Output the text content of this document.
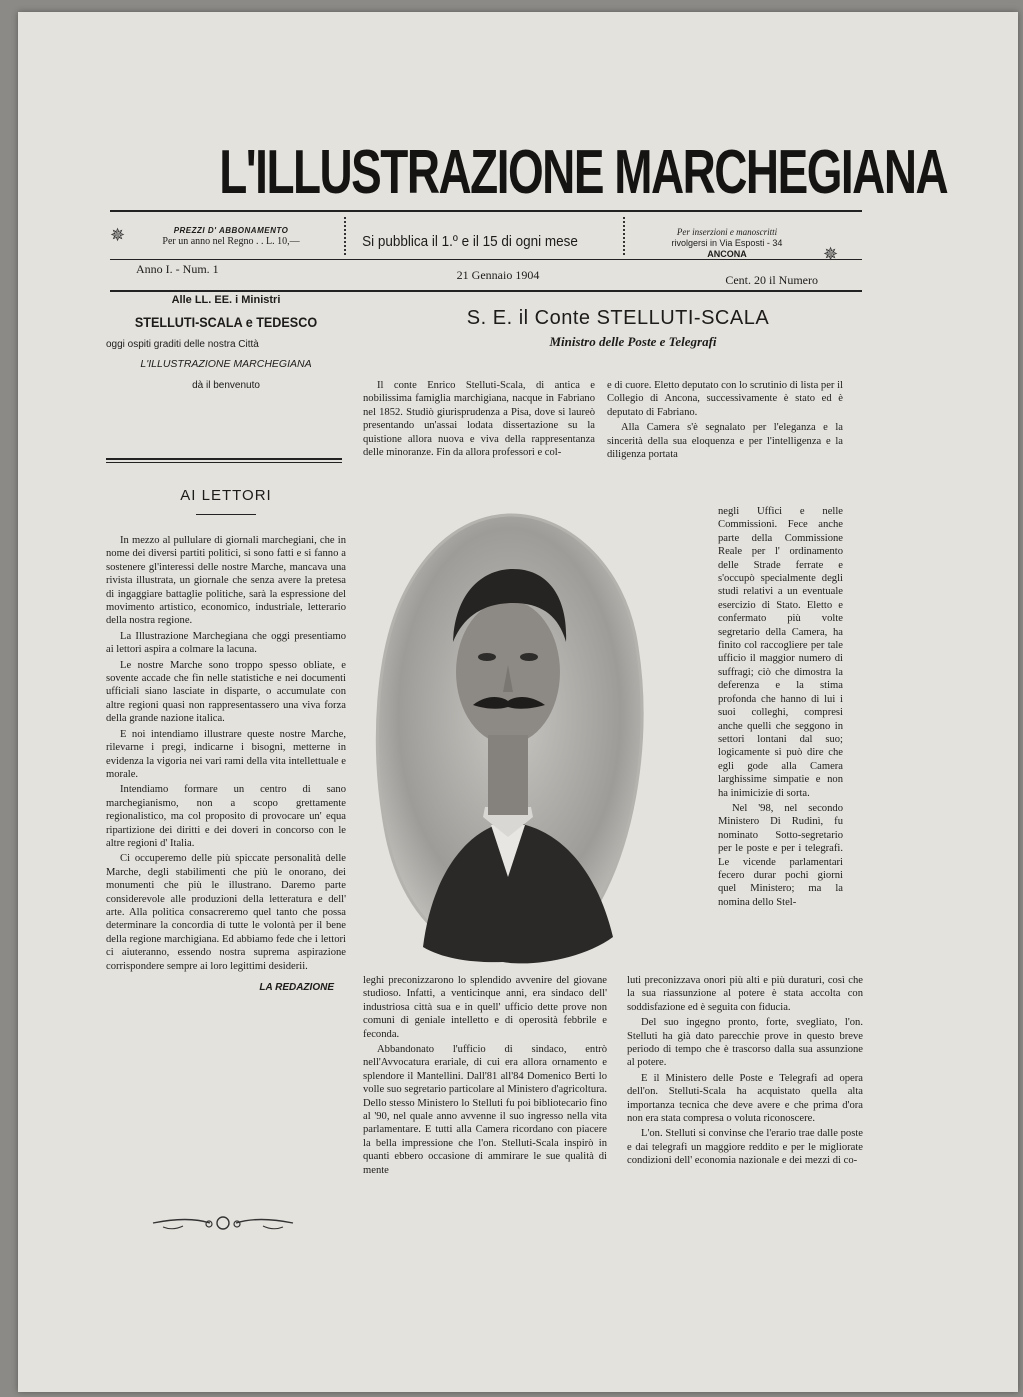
L'ILLUSTRAZIONE MARCHEGIANA
✵
✵
PREZZI D' ABBONAMENTO
Per un anno nel Regno . . L. 10,—	Si pubblica il 1.º e il 15 di ogni mese
Per inserzioni e manoscritti
rivolgersi in Via Esposti - 34
ANCONA
Anno I. - Num. 1	21 Gennaio 1904	Cent. 20 il Numero
Alle LL. EE. i Ministri
STELLUTI-SCALA e TEDESCO
oggi ospiti graditi delle nostra Città
L'ILLUSTRAZIONE MARCHEGIANA
dà il benvenuto
AI LETTORI

In mezzo al pullulare di giornali marchegiani, che in nome dei diversi partiti politici, si sono fatti e si fanno a sostenere gl'interessi delle nostre Marche, mancava una rivista illustrata, un giornale che senza avere la pretesa di ingaggiare battaglie politiche, sarà la espressione del movimento artistico, economico, industriale, letterario della nostra regione.

La Illustrazione Marchegiana che oggi presentiamo ai lettori aspira a colmare la lacuna.

Le nostre Marche sono troppo spesso obliate, e sovente accade che fin nelle statistiche e nei documenti ufficiali siano lasciate in disparte, o accumulate con altre regioni quasi non rappresentassero una viva forza della grande nazione italica.

E noi intendiamo illustrare queste nostre Marche, rilevarne i pregi, indicarne i bisogni, metterne in evidenza la vigoria nei vari rami della vita intellettuale e morale.

Intendiamo formare un centro di sano marchegianismo, non a scopo grettamente regionalistico, ma col proposito di provocare un' equa ripartizione dei diritti e dei doveri in concorso con le altre regioni d' Italia.

Ci occuperemo delle più spiccate personalità delle Marche, degli stabilimenti che più le onorano, dei monumenti che più le illustrano. Daremo parte considerevole alle produzioni della letteratura e dell' arte. Alla politica consacreremo quel tanto che possa determinare la concordia di tutte le volontà per il bene della regione marchigiana. Ed abbiamo fede che i lettori ci aiuteranno, essendo nostra suprema aspirazione corrispondere sempre ai loro legittimi desiderii.

LA REDAZIONE
S. E. il Conte STELLUTI-SCALA
Ministro delle Poste e Telegrafi

Il conte Enrico Stelluti-Scala, di antica e nobilissima famiglia marchigiana, nacque in Fabriano nel 1852. Studiò giurisprudenza a Pisa, dove si laureò presentando un'assai lodata dissertazione su la quistione allora nuova e viva della rappresentanza delle minoranze. Fin da allora professori e col-

e di cuore. Eletto deputato con lo scrutinio di lista per il Collegio di Ancona, successivamente è stato ed è deputato di Fabriano.

Alla Camera s'è segnalato per l'eleganza e la sincerità della sua eloquenza e per l'intelligenza e la diligenza portata

negli Uffici e nelle Commissioni. Fece anche parte della Commissione Reale per l' ordinamento delle Strade ferrate e s'occupò specialmente degli studi relativi a un eventuale esercizio di Stato. Eletto e confermato più volte segretario della Camera, ha finito col raccogliere per tale ufficio il maggior numero di suffragi; ciò che dimostra la deferenza e la stima profonda che hanno di lui i suoi colleghi, compresi anche quelli che seggono in settori lontani dal suo; logicamente si può dire che egli gode alla Camera larghissime simpatie e non ha inimicizie di sorta.

Nel '98, nel secondo Ministero Di Rudinì, fu nominato Sotto-segretario per le poste e per i telegrafi. Le vicende parlamentari fecero durar pochi giorni quel Ministero; ma la nomina dello Stel-

leghi preconizzarono lo splendido avvenire del giovane studioso. Infatti, a venticinque anni, era sindaco dell' industriosa città sua e in quell' ufficio dette prove non comuni di geniale intelletto e di operosità febbrile e feconda.

Abbandonato l'ufficio di sindaco, entrò nell'Avvocatura erariale, di cui era allora ornamento e splendore il Mantellini. Dall'81 all'84 Domenico Berti lo volle suo segretario particolare al Ministero d'agricoltura. Dello stesso Ministero lo Stelluti fu poi bibliotecario fino al '90, nel quale anno avvenne il suo ingresso nella vita parlamentare. E tutti alla Camera ricordano con piacere la bella impressione che l'on. Stelluti-Scala inspirò in quanti ebbero occasione di ammirare le sue qualità di mente

luti preconizzava onori più alti e più duraturi, così che la sua riassunzione al potere è stata accolta con soddisfazione ed è seguita con fiducia.

Del suo ingegno pronto, forte, svegliato, l'on. Stelluti ha già dato parecchie prove in questo breve periodo di tempo che è trascorso dalla sua assunzione al potere.

E il Ministero delle Poste e Telegrafi ad opera dell'on. Stelluti-Scala ha acquistato quella alta importanza tecnica che deve avere e che prima d'ora non era stata compresa o voluta riconoscere.

L'on. Stelluti si convinse che l'erario trae dalle poste e dai telegrafi un maggiore reddito e per le migliorate condizioni dell' economia nazionale e dei mezzi di co-
